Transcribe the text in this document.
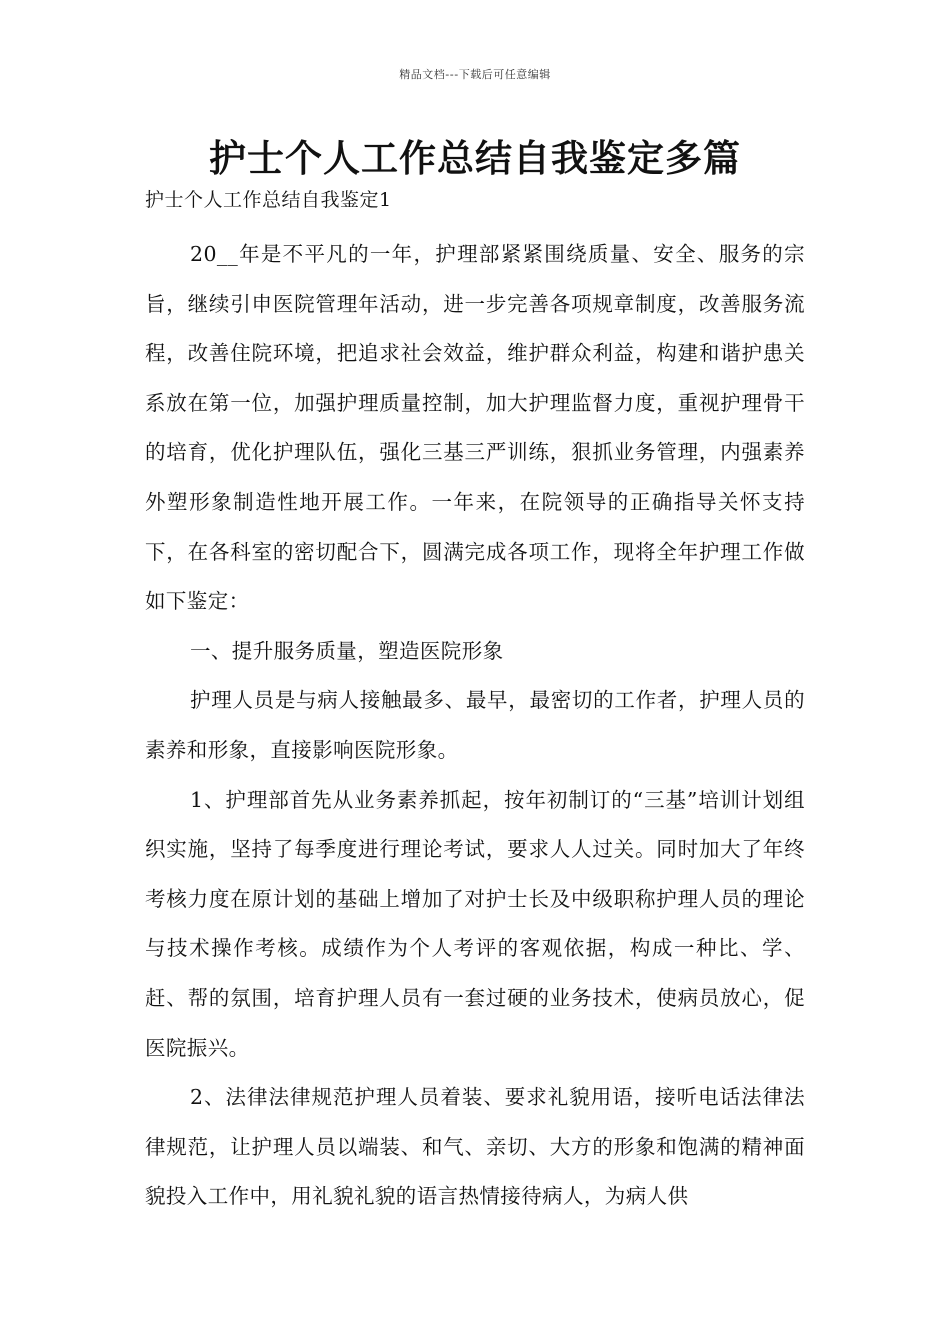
精品文档---下载后可任意编辑
护士个人工作总结自我鉴定多篇

护士个人工作总结自我鉴定1

20__年是不平凡的一年，护理部紧紧围绕质量、安全、服务的宗旨，继续引申医院管理年活动，进一步完善各项规章制度，改善服务流程，改善住院环境，把追求社会效益，维护群众利益，构建和谐护患关系放在第一位，加强护理质量控制，加大护理监督力度，重视护理骨干的培育，优化护理队伍，强化三基三严训练，狠抓业务管理，内强素养外塑形象制造性地开展工作。一年来，在院领导的正确指导关怀支持下，在各科室的密切配合下，圆满完成各项工作，现将全年护理工作做如下鉴定：

一、提升服务质量，塑造医院形象

护理人员是与病人接触最多、最早，最密切的工作者，护理人员的素养和形象，直接影响医院形象。

1、护理部首先从业务素养抓起，按年初制订的“三基”培训计划组织实施，坚持了每季度进行理论考试，要求人人过关。同时加大了年终考核力度在原计划的基础上增加了对护士长及中级职称护理人员的理论与技术操作考核。成绩作为个人考评的客观依据，构成一种比、学、赶、帮的氛围，培育护理人员有一套过硬的业务技术，使病员放心，促医院振兴。

2、法律法律规范护理人员着装、要求礼貌用语，接听电话法律法律规范，让护理人员以端装、和气、亲切、大方的形象和饱满的精神面貌投入工作中，用礼貌礼貌的语言热情接待病人，为病人供
